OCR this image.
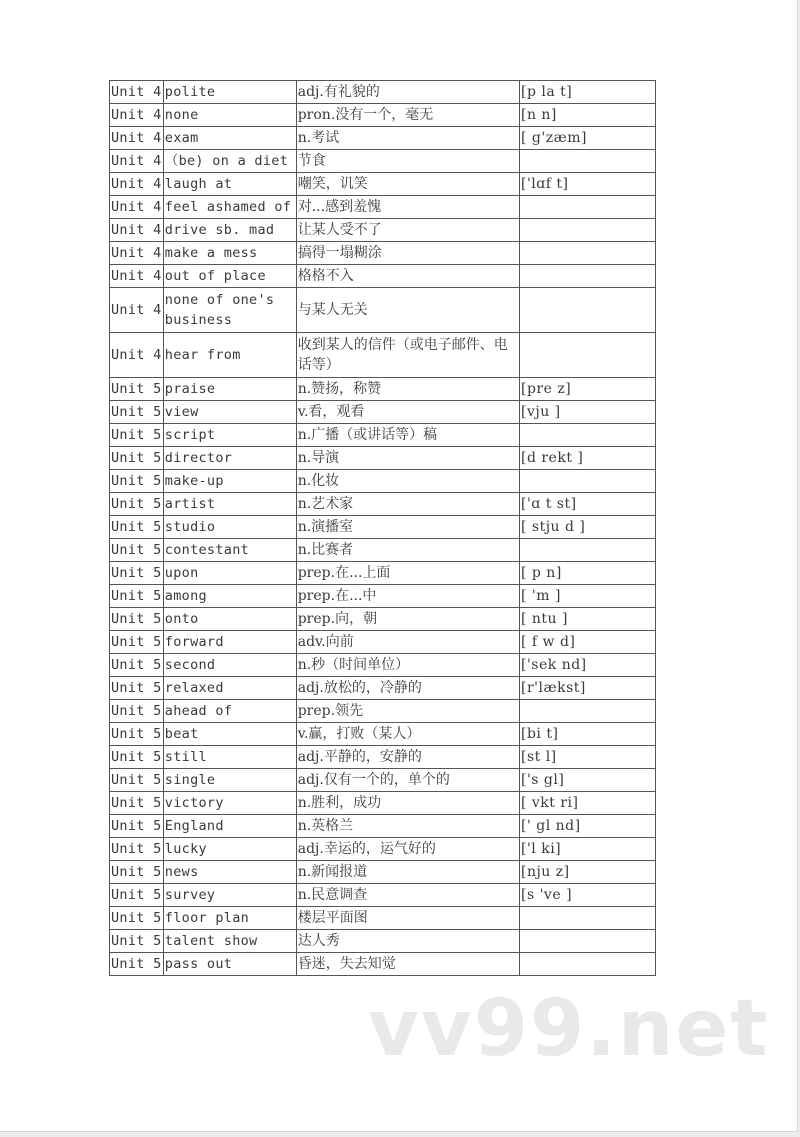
Unit 4	polite	adj.有礼貌的	[p la t]
Unit 4	none	pron.没有一个，毫无	[n n]
Unit 4	exam	n.考试	[ g'zæm]
Unit 4	（be) on a diet	节食	
Unit 4	laugh at	嘲笑，讥笑	['lɑf t]
Unit 4	feel ashamed of	对...感到羞愧	
Unit 4	drive sb. mad	让某人受不了	
Unit 4	make a mess	搞得一塌糊涂	
Unit 4	out of place	格格不入	
Unit 4	none of one's business	与某人无关	
Unit 4	hear from	收到某人的信件（或电子邮件、电话等）	
Unit 5	praise	n.赞扬，称赞	[pre z]
Unit 5	view	v.看，观看	[vju ]
Unit 5	script	n.广播（或讲话等）稿	
Unit 5	director	n.导演	[d rekt ]
Unit 5	make-up	n.化妆	
Unit 5	artist	n.艺术家	['ɑ t st]
Unit 5	studio	n.演播室	[ stju d ]
Unit 5	contestant	n.比赛者	
Unit 5	upon	prep.在...上面	[ p n]
Unit 5	among	prep.在...中	[ 'm ]
Unit 5	onto	prep.向，朝	[ ntu ]
Unit 5	forward	adv.向前	[ f w d]
Unit 5	second	n.秒（时间单位）	['sek nd]
Unit 5	relaxed	adj.放松的，冷静的	[r'lækst]
Unit 5	ahead of	prep.领先	
Unit 5	beat	v.赢，打败（某人）	[bi t]
Unit 5	still	adj.平静的，安静的	[st l]
Unit 5	single	adj.仅有一个的，单个的	['s gl]
Unit 5	victory	n.胜利，成功	[ vkt ri]
Unit 5	England	n.英格兰	[' gl nd]
Unit 5	lucky	adj.幸运的，运气好的	['l ki]
Unit 5	news	n.新闻报道	[nju z]
Unit 5	survey	n.民意调查	[s 've ]
Unit 5	floor plan	楼层平面图	
Unit 5	talent show	达人秀	
Unit 5	pass out	昏迷，失去知觉	
vv99.net
